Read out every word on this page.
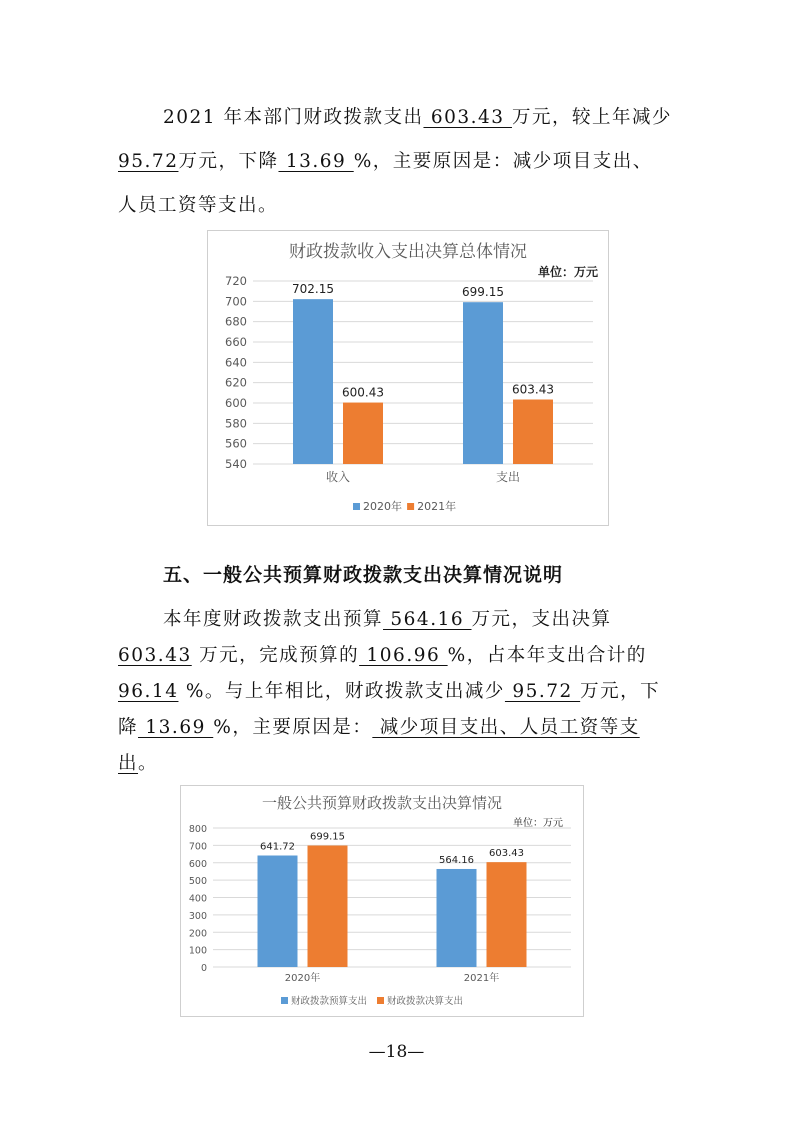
2021 年本部门财政拨款支出 603.43 万元，较上年减少
95.72万元，下降 13.69 %，主要原因是：减少项目支出、
人员工资等支出。
财政拨款收入支出决算总体情况
单位：万元
540
560
580
600
620
640
660
680
700
720
收入	支出
702.15
600.43
699.15
603.43
2020年 2021年
五、一般公共预算财政拨款支出决算情况说明
本年度财政拨款支出预算 564.16 万元，支出决算
603.43 万元，完成预算的 106.96 %，占本年支出合计的
96.14 %。与上年相比，财政拨款支出减少 95.72 万元，下
降 13.69 %，主要原因是： 减少项目支出、人员工资等支
出。
一般公共预算财政拨款支出决算情况
单位：万元
0
100
200
300
400
500
600
700
800
2020年	2021年
641.72
699.15
564.16
603.43
财政拨款预算支出 财政拨款决算支出
—18—
